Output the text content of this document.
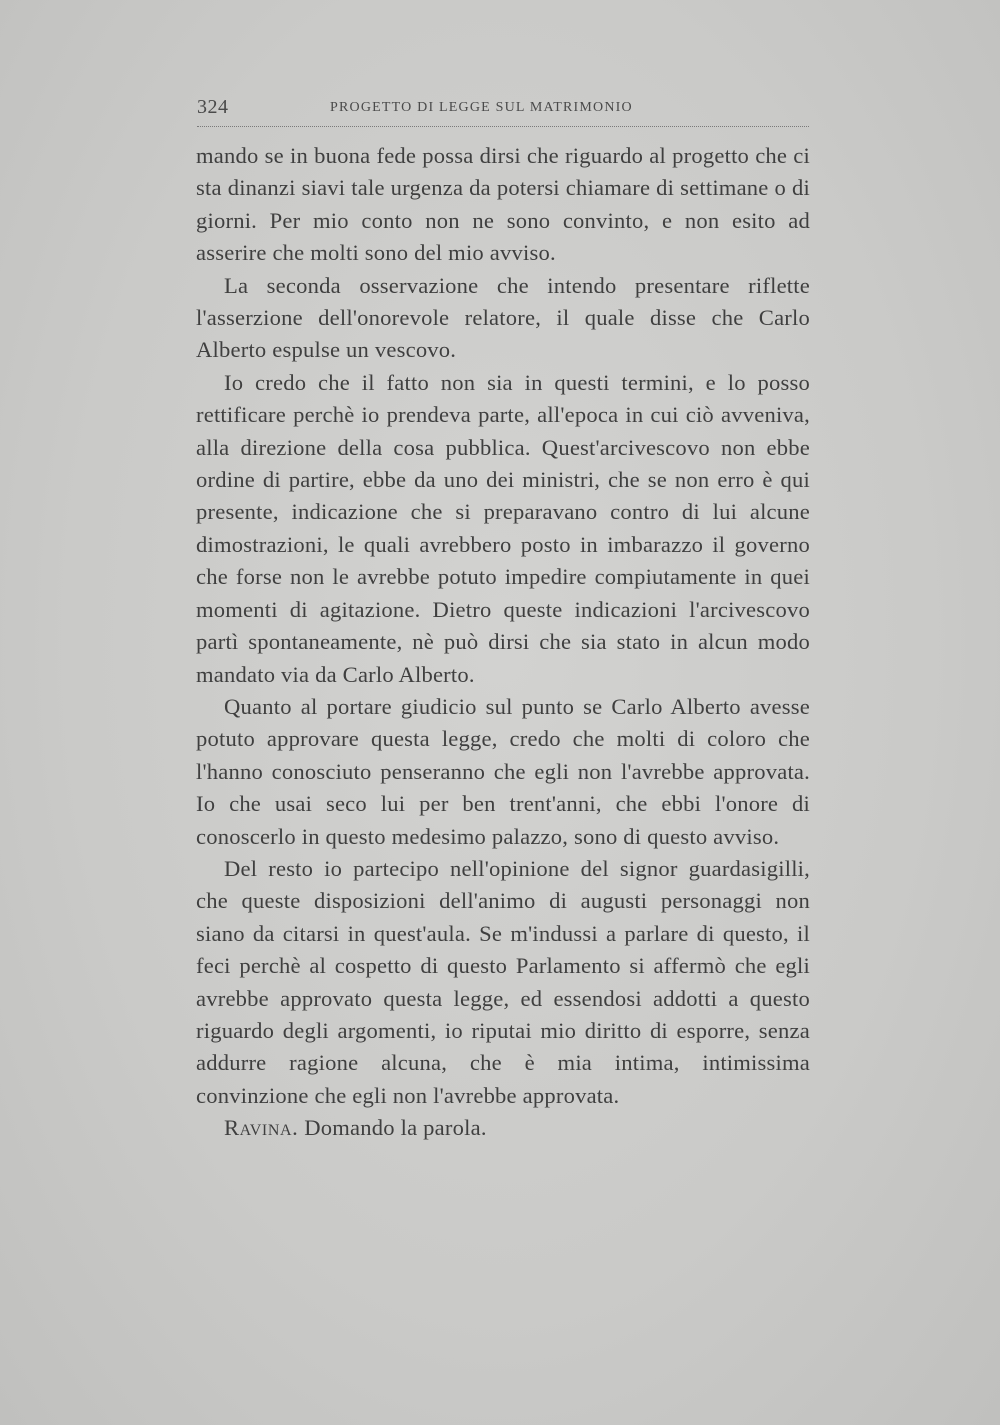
324	PROGETTO DI LEGGE SUL MATRIMONIO

mando se in buona fede possa dirsi che riguardo al progetto che ci sta dinanzi siavi tale urgenza da potersi chiamare di settimane o di giorni. Per mio conto non ne sono convinto, e non esito ad asserire che molti sono del mio avviso.

La seconda osservazione che intendo presentare riflette l'asserzione dell'onorevole relatore, il quale disse che Carlo Alberto espulse un vescovo.

Io credo che il fatto non sia in questi termini, e lo posso rettificare perchè io prendeva parte, all'epoca in cui ciò avveniva, alla direzione della cosa pubblica. Quest'arcivescovo non ebbe ordine di partire, ebbe da uno dei ministri, che se non erro è qui presente, indicazione che si preparavano contro di lui alcune dimostrazioni, le quali avrebbero posto in imbarazzo il governo che forse non le avrebbe potuto impedire compiutamente in quei momenti di agitazione. Dietro queste indicazioni l'arcivescovo partì spontaneamente, nè può dirsi che sia stato in alcun modo mandato via da Carlo Alberto.

Quanto al portare giudicio sul punto se Carlo Alberto avesse potuto approvare questa legge, credo che molti di coloro che l'hanno conosciuto penseranno che egli non l'avrebbe approvata. Io che usai seco lui per ben trent'anni, che ebbi l'onore di conoscerlo in questo medesimo palazzo, sono di questo avviso.

Del resto io partecipo nell'opinione del signor guardasigilli, che queste disposizioni dell'animo di augusti personaggi non siano da citarsi in quest'aula. Se m'indussi a parlare di questo, il feci perchè al cospetto di questo Parlamento si affermò che egli avrebbe approvato questa legge, ed essendosi addotti a questo riguardo degli argomenti, io riputai mio diritto di esporre, senza addurre ragione alcuna, che è mia intima, intimissima convinzione che egli non l'avrebbe approvata.

Ravina. Domando la parola.
